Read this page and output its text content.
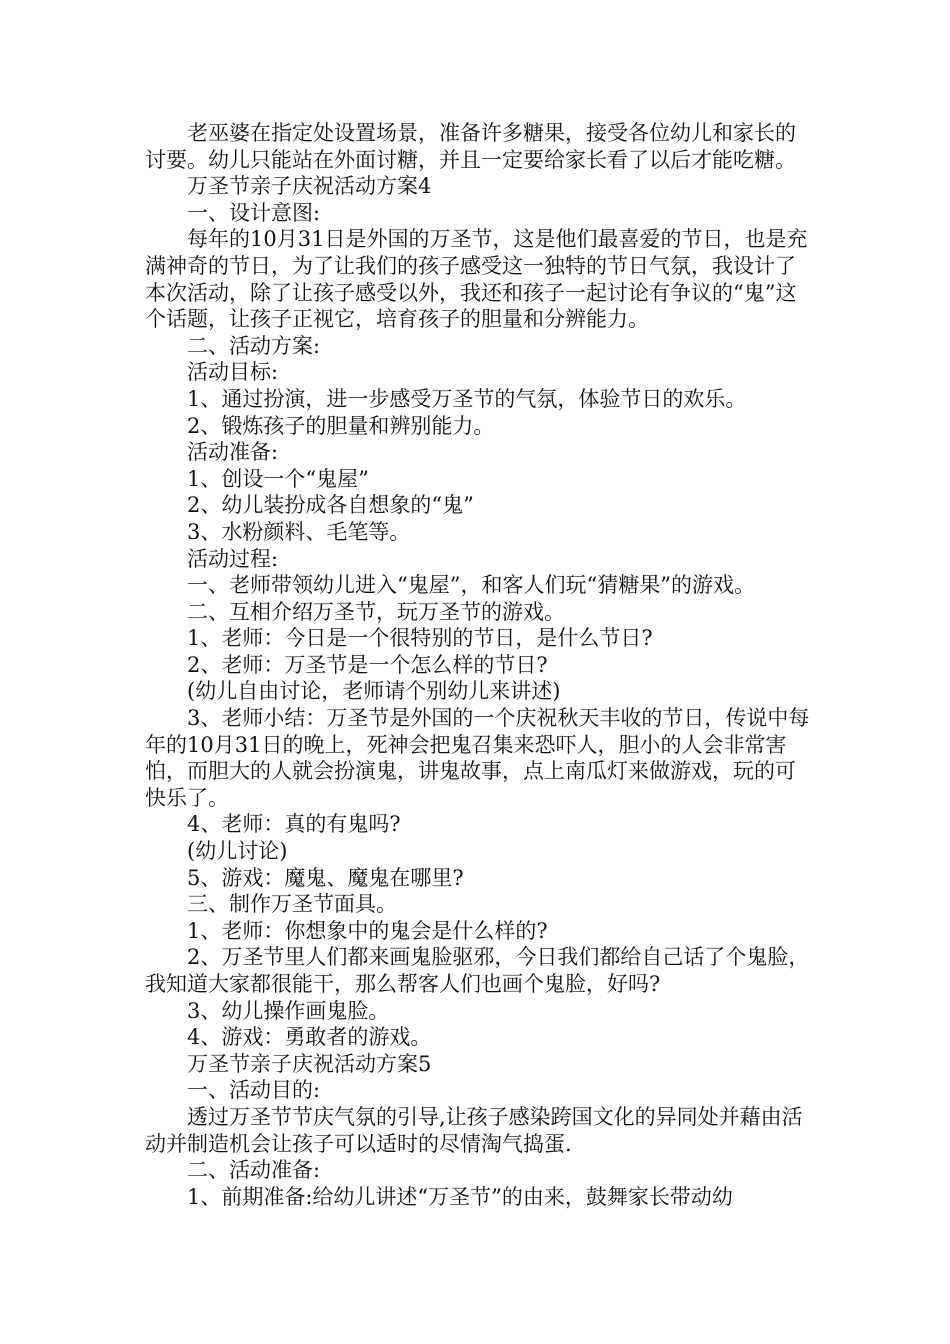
老巫婆在指定处设置场景，准备许多糖果，接受各位幼儿和家长的讨要。幼儿只能站在外面讨糖，并且一定要给家长看了以后才能吃糖。

万圣节亲子庆祝活动方案4

一、设计意图:

每年的10月31日是外国的万圣节，这是他们最喜爱的节日，也是充满神奇的节日，为了让我们的孩子感受这一独特的节日气氛，我设计了本次活动，除了让孩子感受以外，我还和孩子一起讨论有争议的“鬼”这个话题，让孩子正视它，培育孩子的胆量和分辨能力。

二、活动方案:

活动目标:

1、通过扮演，进一步感受万圣节的气氛，体验节日的欢乐。

2、锻炼孩子的胆量和辨别能力。

活动准备:

1、创设一个“鬼屋”

2、幼儿装扮成各自想象的“鬼”

3、水粉颜料、毛笔等。

活动过程:

一、老师带领幼儿进入“鬼屋”，和客人们玩“猜糖果”的游戏。

二、互相介绍万圣节，玩万圣节的游戏。

1、老师：今日是一个很特别的节日，是什么节日?

2、老师：万圣节是一个怎么样的节日?

(幼儿自由讨论，老师请个别幼儿来讲述)

3、老师小结：万圣节是外国的一个庆祝秋天丰收的节日，传说中每年的10月31日的晚上，死神会把鬼召集来恐吓人，胆小的人会非常害怕，而胆大的人就会扮演鬼，讲鬼故事，点上南瓜灯来做游戏，玩的可快乐了。

4、老师：真的有鬼吗?

(幼儿讨论)

5、游戏：魔鬼、魔鬼在哪里?

三、制作万圣节面具。

1、老师：你想象中的鬼会是什么样的?

2、万圣节里人们都来画鬼脸驱邪，今日我们都给自己话了个鬼脸，我知道大家都很能干，那么帮客人们也画个鬼脸，好吗?

3、幼儿操作画鬼脸。

4、游戏：勇敢者的游戏。

万圣节亲子庆祝活动方案5

一、活动目的:

透过万圣节节庆气氛的引导,让孩子感染跨国文化的异同处并藉由活动并制造机会让孩子可以适时的尽情淘气捣蛋.

二、活动准备:

1、前期准备:给幼儿讲述“万圣节”的由来，鼓舞家长带动幼
